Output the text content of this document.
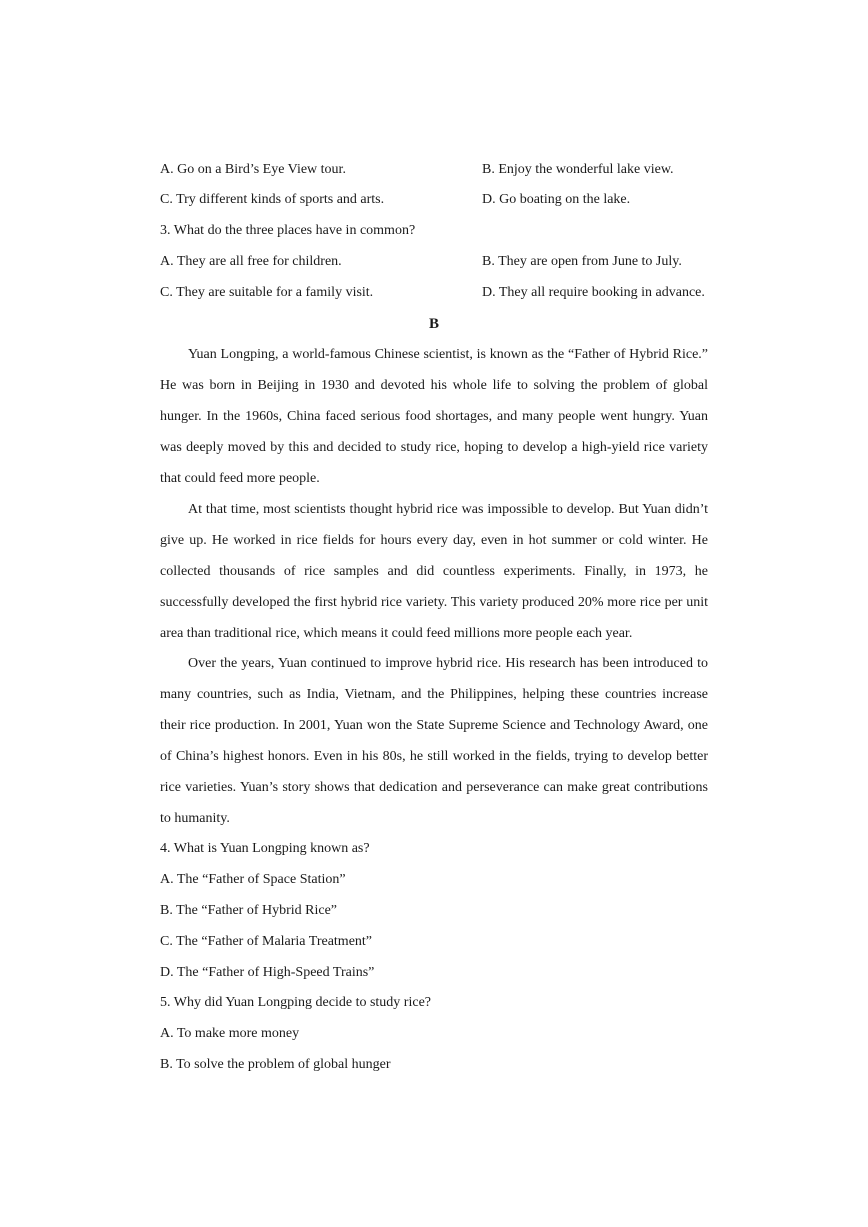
A. Go on a Bird’s Eye View tour.	B. Enjoy the wonderful lake view.
C. Try different kinds of sports and arts.	D. Go boating on the lake.
3. What do the three places have in common?
A. They are all free for children.	B. They are open from June to July.
C. They are suitable for a family visit.	D. They all require booking in advance.
B

Yuan Longping, a world-famous Chinese scientist, is known as the “Father of Hybrid Rice.” He was born in Beijing in 1930 and devoted his whole life to solving the problem of global hunger. In the 1960s, China faced serious food shortages, and many people went hungry. Yuan was deeply moved by this and decided to study rice, hoping to develop a high-yield rice variety that could feed more people.

At that time, most scientists thought hybrid rice was impossible to develop. But Yuan didn’t give up. He worked in rice fields for hours every day, even in hot summer or cold winter. He collected thousands of rice samples and did countless experiments. Finally, in 1973, he successfully developed the first hybrid rice variety. This variety produced 20% more rice per unit area than traditional rice, which means it could feed millions more people each year.

Over the years, Yuan continued to improve hybrid rice. His research has been introduced to many countries, such as India, Vietnam, and the Philippines, helping these countries increase their rice production. In 2001, Yuan won the State Supreme Science and Technology Award, one of China’s highest honors. Even in his 80s, he still worked in the fields, trying to develop better rice varieties. Yuan’s story shows that dedication and perseverance can make great contributions to humanity.

4. What is Yuan Longping known as?
A. The “Father of Space Station”
B. The “Father of Hybrid Rice”
C. The “Father of Malaria Treatment”
D. The “Father of High-Speed Trains”
5. Why did Yuan Longping decide to study rice?
A. To make more money
B. To solve the problem of global hunger
